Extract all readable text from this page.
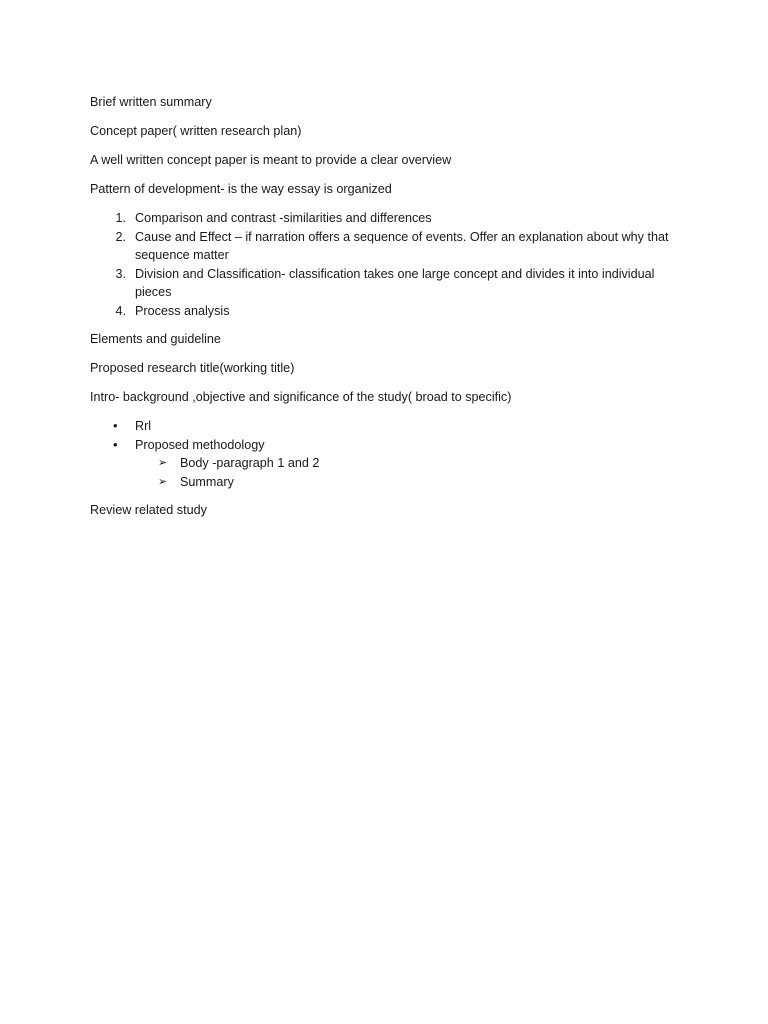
Brief written summary

Concept paper( written research plan)

A well written concept paper is meant to provide a clear overview

Pattern of development- is the way essay is organized

1. Comparison and contrast -similarities and differences
2. Cause and Effect – if narration offers a sequence of events. Offer an explanation about why that sequence matter
3. Division and Classification- classification takes one large concept and divides it into individual pieces
4. Process analysis

Elements and guideline

Proposed research title(working title)

Intro- background ,objective and significance of the study( broad to specific)

• Rrl
• Proposed methodology
➢ Body -paragraph 1 and 2
➢ Summary

Review related study
